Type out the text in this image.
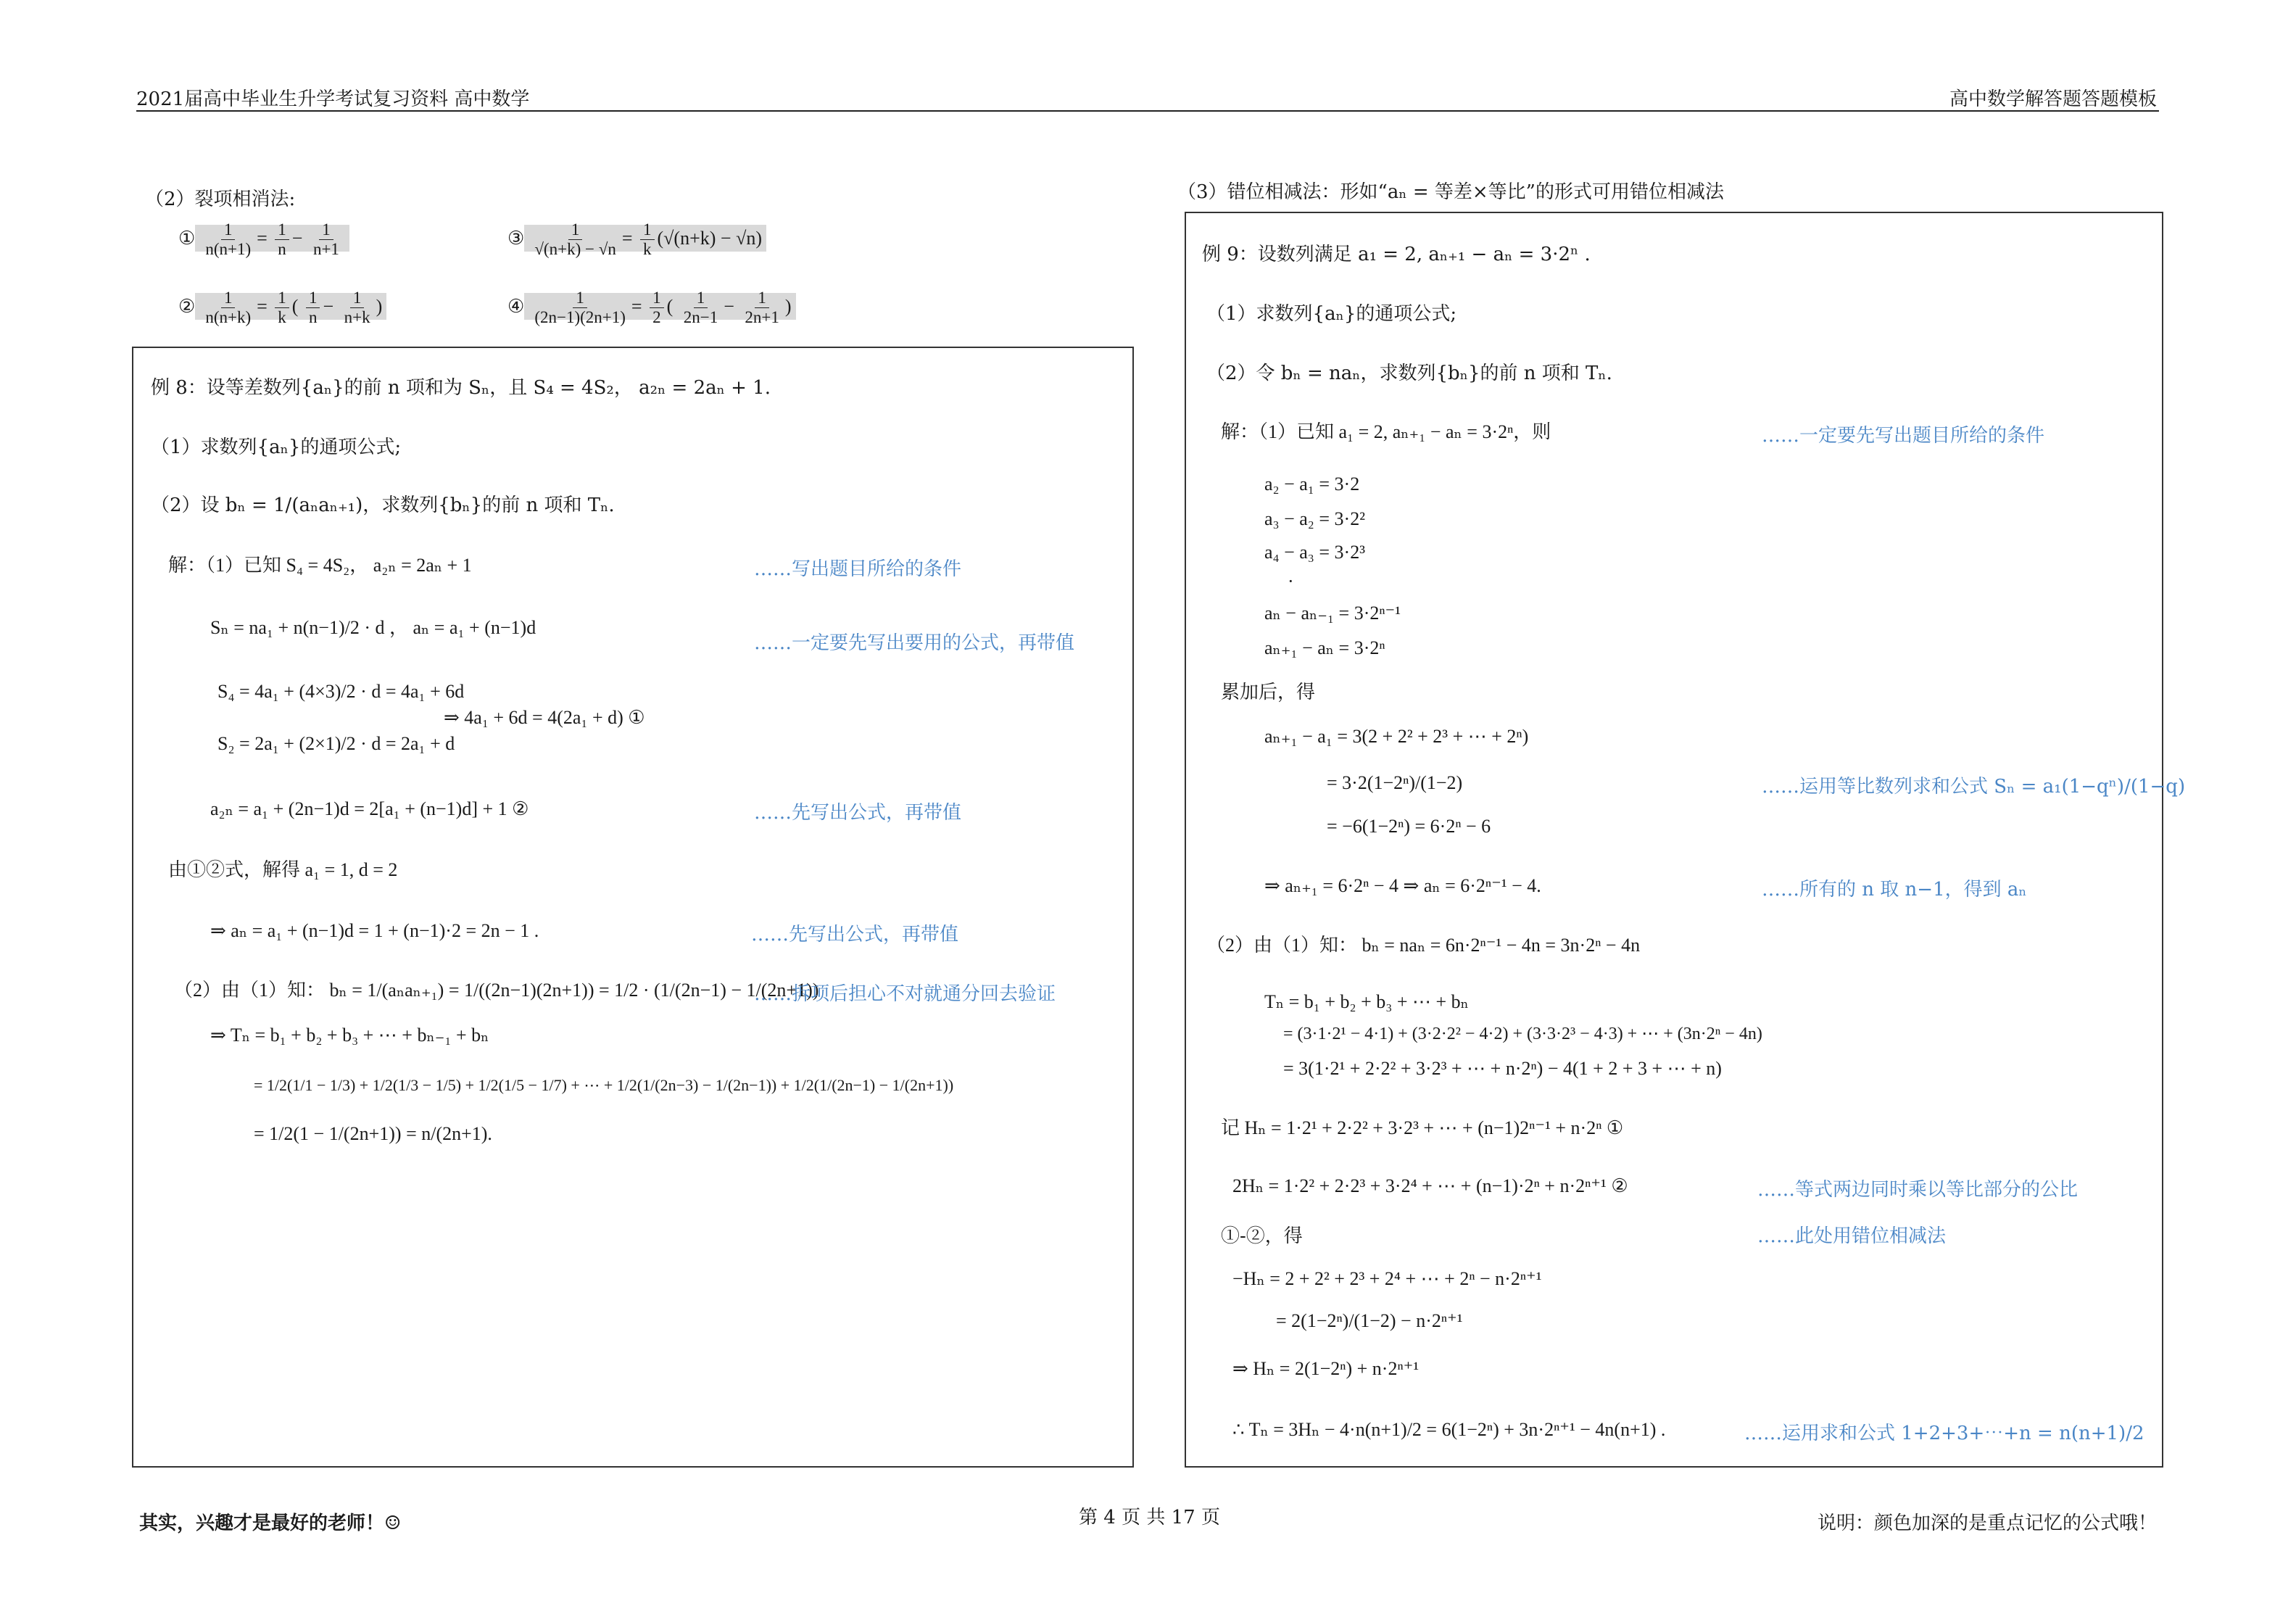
2021届高中毕业生升学考试复习资料 高中数学	高中数学解答题答题模板
（2）裂项相消法:
① $\frac{1}{n(n+1)} = \frac{1}{n} - \frac{1}{n+1}$
② $\frac{1}{n(n+k)} = \frac{1}{k}$ ( $\frac{1}{n} - \frac{1}{n+k}$ )
③ $\frac{1}{√(n+k) - √n} = \frac{1}{k} (√(n+k) - √n)$
④ $\frac{1}{(2n-1)(2n+1)} = \frac{1}{2}$ ( $\frac{1}{2n-1} - \frac{1}{2n+1}$ )
例 8：设等差数列{aₙ}的前 n 项和为 Sₙ，且 S₄ = 4S₂， a₂ₙ = 2aₙ + 1.
（1）求数列{aₙ}的通项公式;
（2）设 bₙ = 1/(aₙaₙ₊₁)，求数列{bₙ}的前 n 项和 Tₙ.
解：（1）已知 S₄ = 4S₂， a₂ₙ = 2aₙ + 1
Sₙ = na₁ + n(n−1)/2 · d ， aₙ = a₁ + (n−1)d
S₄ = 4a₁ + (4×3)/2 · d = 4a₁ + 6d
S₂ = 2a₁ + (2×1)/2 · d = 2a₁ + d
⇒ 4a₁ + 6d = 4(2a₁ + d) ①
a₂ₙ = a₁ + (2n−1)d = 2[a₁ + (n−1)d] + 1 ②
由①②式，解得 a₁ = 1, d = 2
⇒ aₙ = a₁ + (n−1)d = 1 + (n−1)·2 = 2n − 1 .
（2）由（1）知： bₙ = 1/(aₙaₙ₊₁) = 1/((2n−1)(2n+1)) = 1/2 · (1/(2n−1) − 1/(2n+1))
⇒ Tₙ = b₁ + b₂ + b₃ + ⋯ + bₙ₋₁ + bₙ
= 1/2(1/1 − 1/3) + 1/2(1/3 − 1/5) + 1/2(1/5 − 1/7) + ⋯ + 1/2(1/(2n−3) − 1/(2n−1)) + 1/2(1/(2n−1) − 1/(2n+1))
= 1/2(1 − 1/(2n+1)) = n/(2n+1).
……写出题目所给的条件
……一定要先写出要用的公式，再带值
……先写出公式，再带值
……先写出公式，再带值
……拆项后担心不对就通分回去验证
（3）错位相减法：形如“aₙ = 等差×等比”的形式可用错位相减法
例 9：设数列满足 a₁ = 2, aₙ₊₁ − aₙ = 3·2ⁿ .
（1）求数列{aₙ}的通项公式;
（2）令 bₙ = naₙ，求数列{bₙ}的前 n 项和 Tₙ.
解：（1）已知 a₁ = 2, aₙ₊₁ − aₙ = 3·2ⁿ，则
a₂ − a₁ = 3·2
a₃ − a₂ = 3·2²
a₄ − a₃ = 3·2³
·
aₙ − aₙ₋₁ = 3·2ⁿ⁻¹
aₙ₊₁ − aₙ = 3·2ⁿ
累加后，得
aₙ₊₁ − a₁ = 3(2 + 2² + 2³ + ⋯ + 2ⁿ)
= 3·2(1−2ⁿ)/(1−2)
= −6(1−2ⁿ) = 6·2ⁿ − 6
⇒ aₙ₊₁ = 6·2ⁿ − 4 ⇒ aₙ = 6·2ⁿ⁻¹ − 4.
（2）由（1）知： bₙ = naₙ = 6n·2ⁿ⁻¹ − 4n = 3n·2ⁿ − 4n
Tₙ = b₁ + b₂ + b₃ + ⋯ + bₙ
= (3·1·2¹ − 4·1) + (3·2·2² − 4·2) + (3·3·2³ − 4·3) + ⋯ + (3n·2ⁿ − 4n)
= 3(1·2¹ + 2·2² + 3·2³ + ⋯ + n·2ⁿ) − 4(1 + 2 + 3 + ⋯ + n)
记 Hₙ = 1·2¹ + 2·2² + 3·2³ + ⋯ + (n−1)2ⁿ⁻¹ + n·2ⁿ ①
2Hₙ = 1·2² + 2·2³ + 3·2⁴ + ⋯ + (n−1)·2ⁿ + n·2ⁿ⁺¹ ②
①-②，得
−Hₙ = 2 + 2² + 2³ + 2⁴ + ⋯ + 2ⁿ − n·2ⁿ⁺¹
= 2(1−2ⁿ)/(1−2) − n·2ⁿ⁺¹
⇒ Hₙ = 2(1−2ⁿ) + n·2ⁿ⁺¹
∴ Tₙ = 3Hₙ − 4·n(n+1)/2 = 6(1−2ⁿ) + 3n·2ⁿ⁺¹ − 4n(n+1) .
……一定要先写出题目所给的条件
……运用等比数列求和公式 Sₙ = a₁(1−qⁿ)/(1−q)
……所有的 n 取 n−1，得到 aₙ
……等式两边同时乘以等比部分的公比
……此处用错位相减法
……运用求和公式 1+2+3+⋯+n = n(n+1)/2
其实，兴趣才是最好的老师！☺	第 4 页 共 17 页	说明：颜色加深的是重点记忆的公式哦！
